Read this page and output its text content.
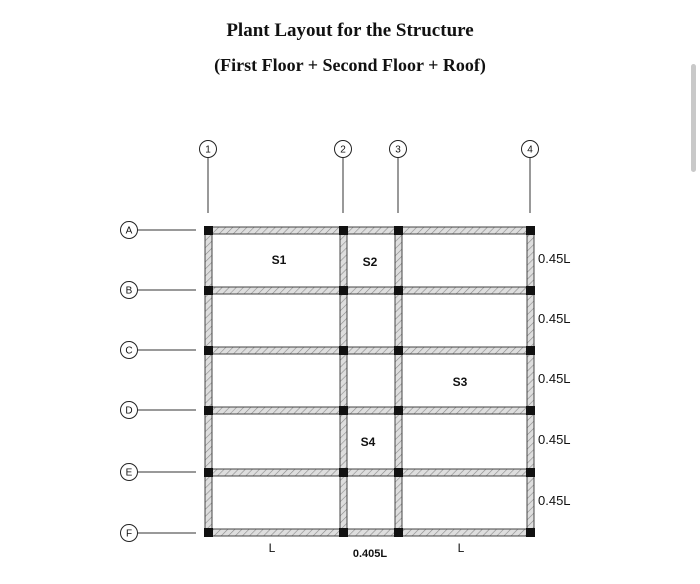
Plant Layout for the Structure
(First Floor + Second Floor + Roof)
1	2	3	4
A
B
C
D
E
F
S1	S2
S3
S4
0.45L
0.45L
0.45L
0.45L
0.45L
L	0.405L	L
